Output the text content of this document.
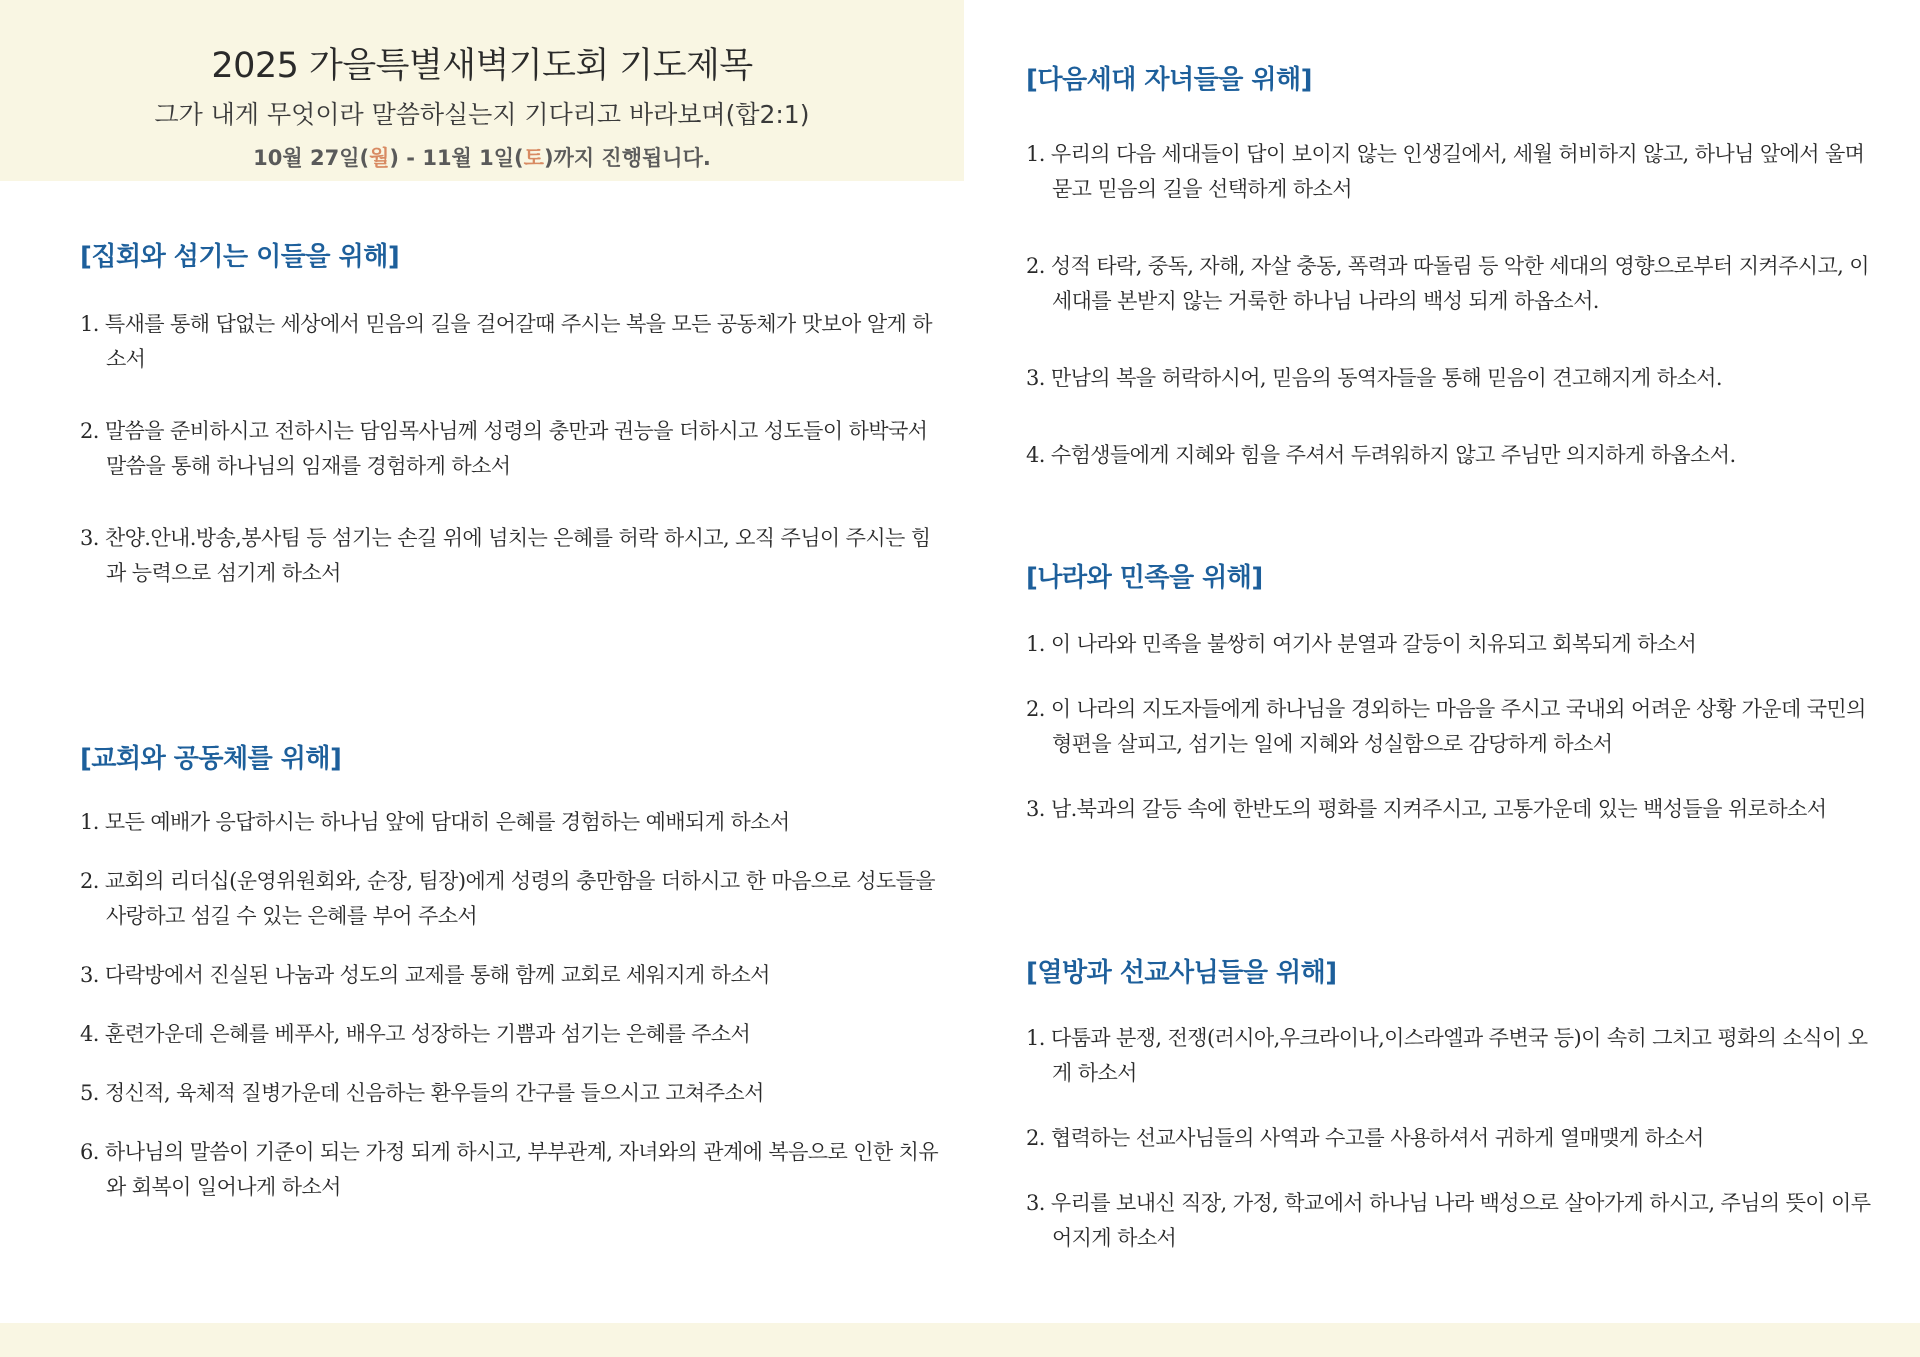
2025 가을특별새벽기도회 기도제목
그가 내게 무엇이라 말씀하실는지 기다리고 바라보며(합2:1)
10월 27일(월) - 11월 1일(토)까지 진행됩니다.
[집회와 섬기는 이들을 위해]
1. 특새를 통해 답없는 세상에서 믿음의 길을 걸어갈때 주시는 복을 모든 공동체가 맛보아 알게 하소서
2. 말씀을 준비하시고 전하시는 담임목사님께 성령의 충만과 권능을 더하시고 성도들이 하박국서 말씀을 통해 하나님의 임재를 경험하게 하소서
3. 찬양.안내.방송,봉사팀 등 섬기는 손길 위에 넘치는 은혜를 허락 하시고, 오직 주님이 주시는 힘과 능력으로 섬기게 하소서
[교회와 공동체를 위해]
1. 모든 예배가 응답하시는 하나님 앞에 담대히 은혜를 경험하는 예배되게 하소서
2. 교회의 리더십(운영위원회와, 순장, 팀장)에게 성령의 충만함을 더하시고 한 마음으로 성도들을 사랑하고 섬길 수 있는 은혜를 부어 주소서
3. 다락방에서 진실된 나눔과 성도의 교제를 통해 함께 교회로 세워지게 하소서
4. 훈련가운데 은혜를 베푸사, 배우고 성장하는 기쁨과 섬기는 은혜를 주소서
5. 정신적, 육체적 질병가운데 신음하는 환우들의 간구를 들으시고 고쳐주소서
6. 하나님의 말씀이 기준이 되는 가정 되게 하시고, 부부관계, 자녀와의 관계에 복음으로 인한 치유와 회복이 일어나게 하소서
[다음세대 자녀들을 위해]
1. 우리의 다음 세대들이 답이 보이지 않는 인생길에서, 세월 허비하지 않고, 하나님 앞에서 울며 묻고 믿음의 길을 선택하게 하소서
2. 성적 타락, 중독, 자해, 자살 충동, 폭력과 따돌림 등 악한 세대의 영향으로부터 지켜주시고, 이 세대를 본받지 않는 거룩한 하나님 나라의 백성 되게 하옵소서.
3. 만남의 복을 허락하시어, 믿음의 동역자들을 통해 믿음이 견고해지게 하소서.
4. 수험생들에게 지혜와 힘을 주셔서 두려워하지 않고 주님만 의지하게 하옵소서.
[나라와 민족을 위해]
1. 이 나라와 민족을 불쌍히 여기사 분열과 갈등이 치유되고 회복되게 하소서
2. 이 나라의 지도자들에게 하나님을 경외하는 마음을 주시고 국내외 어려운 상황 가운데 국민의 형편을 살피고, 섬기는 일에 지혜와 성실함으로 감당하게 하소서
3. 남.북과의 갈등 속에 한반도의 평화를 지켜주시고, 고통가운데 있는 백성들을 위로하소서
[열방과 선교사님들을 위해]
1. 다툼과 분쟁, 전쟁(러시아,우크라이나,이스라엘과 주변국 등)이 속히 그치고 평화의 소식이 오게 하소서
2. 협력하는 선교사님들의 사역과 수고를 사용하셔서 귀하게 열매맺게 하소서
3. 우리를 보내신 직장, 가정, 학교에서 하나님 나라 백성으로 살아가게 하시고, 주님의 뜻이 이루어지게 하소서
